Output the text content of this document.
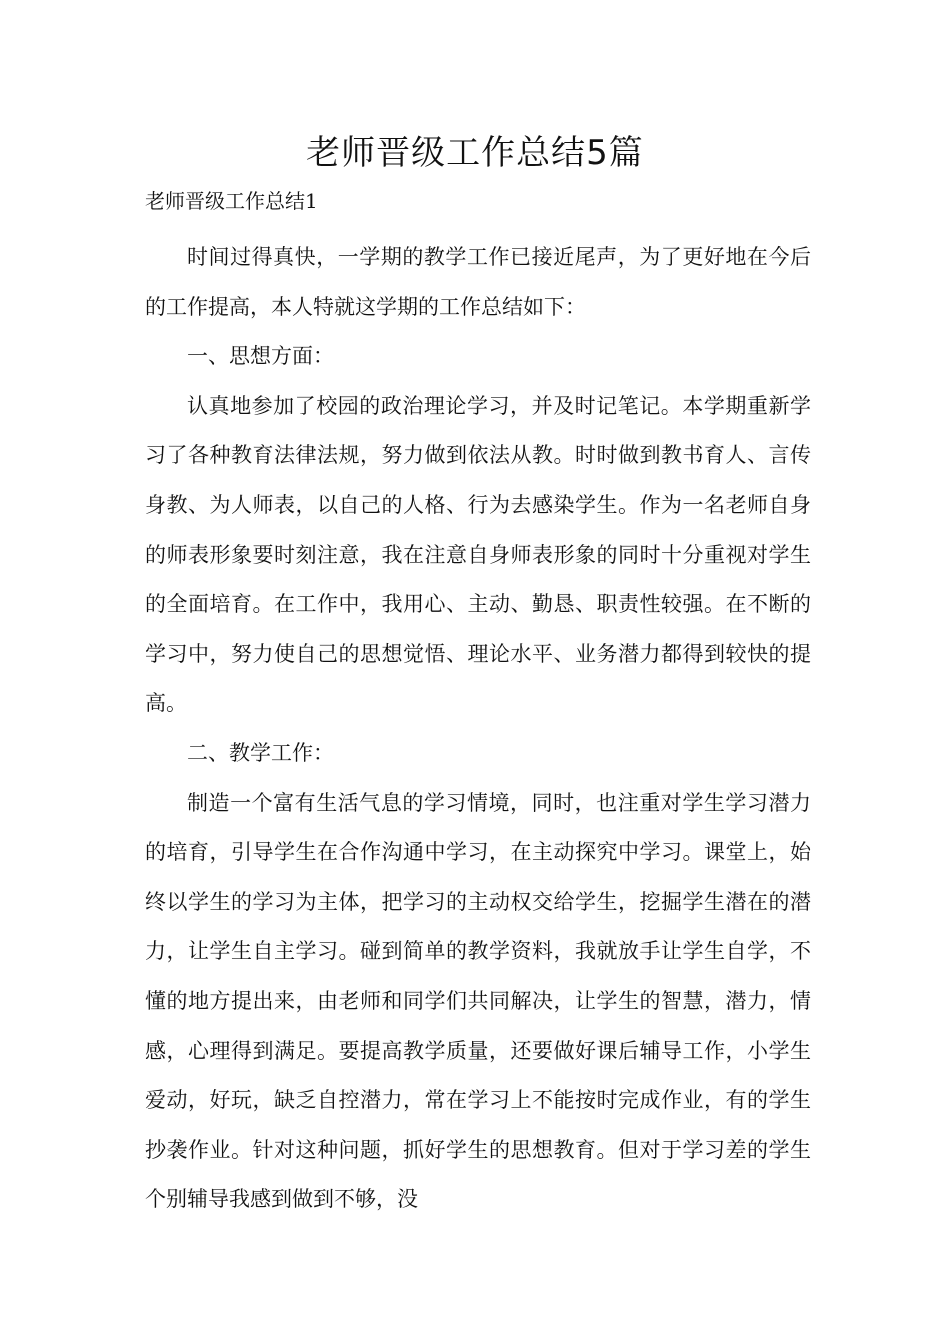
老师晋级工作总结5篇

老师晋级工作总结1

时间过得真快，一学期的教学工作已接近尾声，为了更好地在今后的工作提高，本人特就这学期的工作总结如下：

一、思想方面：

认真地参加了校园的政治理论学习，并及时记笔记。本学期重新学习了各种教育法律法规，努力做到依法从教。时时做到教书育人、言传身教、为人师表，以自己的人格、行为去感染学生。作为一名老师自身的师表形象要时刻注意，我在注意自身师表形象的同时十分重视对学生的全面培育。在工作中，我用心、主动、勤恳、职责性较强。在不断的学习中，努力使自己的思想觉悟、理论水平、业务潜力都得到较快的提高。

二、教学工作：

制造一个富有生活气息的学习情境，同时，也注重对学生学习潜力的培育，引导学生在合作沟通中学习，在主动探究中学习。课堂上，始终以学生的学习为主体，把学习的主动权交给学生，挖掘学生潜在的潜力，让学生自主学习。碰到简单的教学资料，我就放手让学生自学，不懂的地方提出来，由老师和同学们共同解决，让学生的智慧，潜力，情感，心理得到满足。要提高教学质量，还要做好课后辅导工作，小学生爱动，好玩，缺乏自控潜力，常在学习上不能按时完成作业，有的学生抄袭作业。针对这种问题，抓好学生的思想教育。但对于学习差的学生个别辅导我感到做到不够，没
